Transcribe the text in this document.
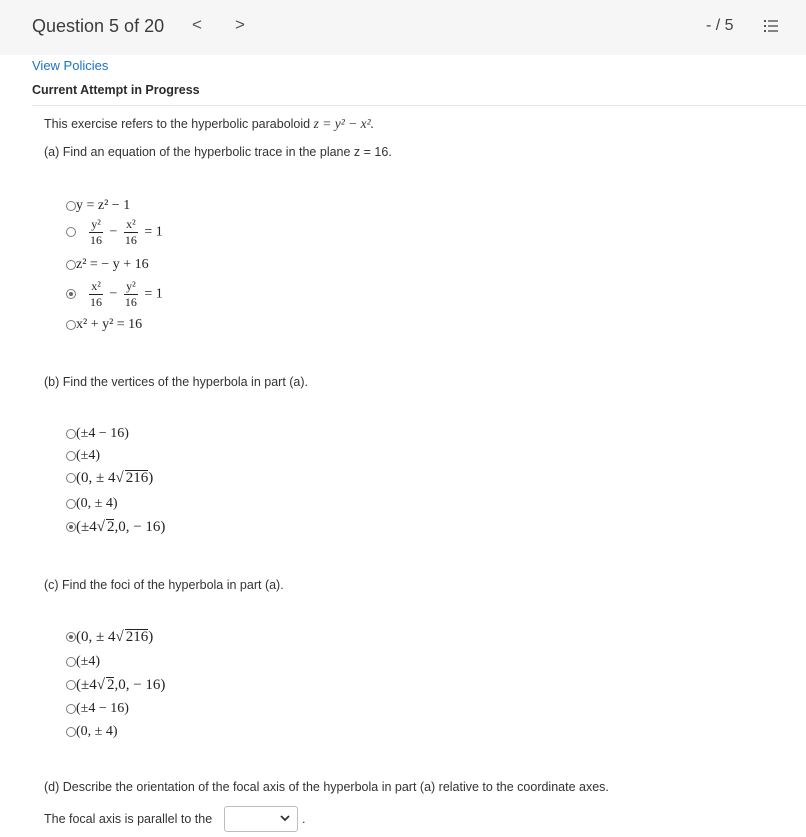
Question 5 of 20 < >	- / 5
View Policies
Current Attempt in Progress
This exercise refers to the hyperbolic paraboloid z = y² − x².
(a) Find an equation of the hyperbolic trace in the plane z = 16.
y = z² − 1
$\frac{\text{y²}}{16} - \frac{\text{x²}}{16} = 1$
z² = − y + 16
$\frac{\text{x²}}{16} - \frac{\text{y²}}{16} = 1$
x² + y² = 16
(b) Find the vertices of the hyperbola in part (a).
(±4 − 16)
(±4)
(0, ± 4√ 216)
(0, ± 4)
(±4√ 2,0, − 16)
(c) Find the foci of the hyperbola in part (a).
(0, ± 4√ 216)
(±4)
(±4√ 2,0, − 16)
(±4 − 16)
(0, ± 4)
(d) Describe the orientation of the focal axis of the hyperbola in part (a) relative to the coordinate axes.
The focal axis is parallel to the	.
